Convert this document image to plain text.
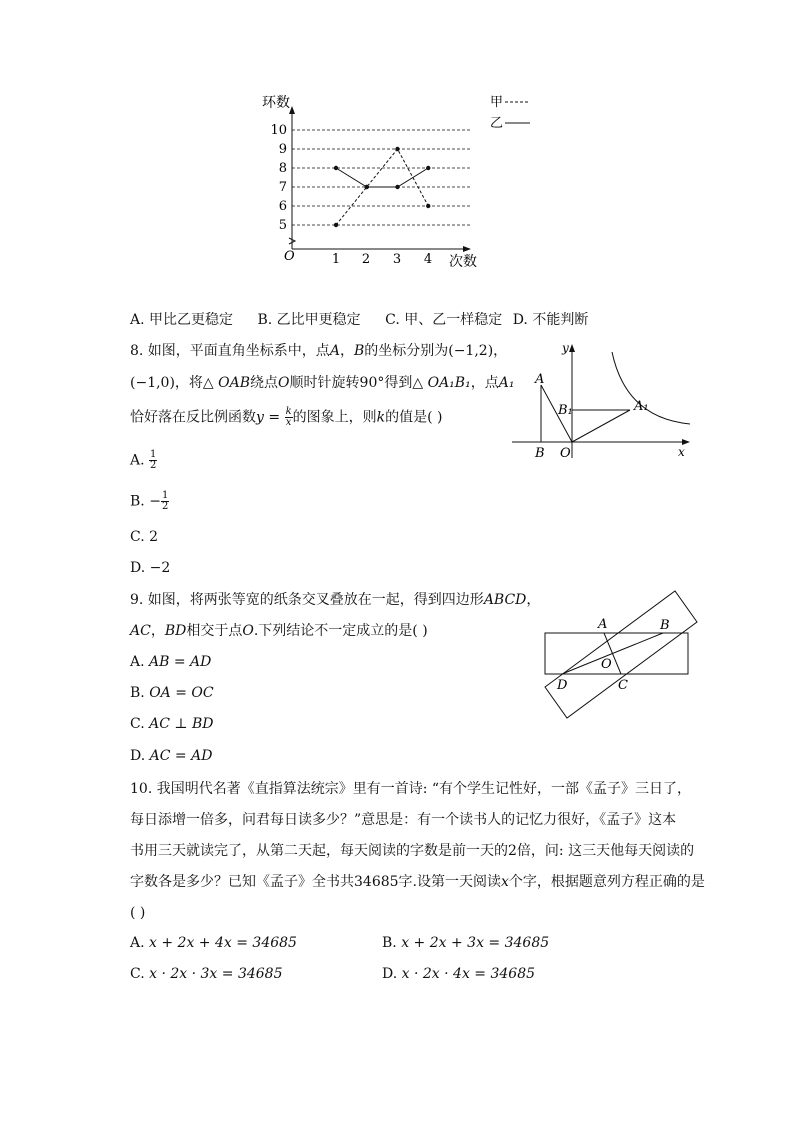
10
9
8
7
6
5
1 2 3 4
环数
次数
O
甲
乙
A. 甲比乙更稳定 B. 乙比甲更稳定 C. 甲、乙一样稳定 D. 不能判断
8. 如图，平面直角坐标系中，点A，B的坐标分别为(−1,2)，
(−1,0)，将△ OAB绕点O顺时针旋转90°得到△ OA₁B₁，点A₁
恰好落在反比例函数$y = \frac{k}{x}$ 的图象上，则k的值是( )
A. $\frac{1}{2}$
B. − $\frac{1}{2}$
C. 2
D. −2
y
x
A
B
B₁	A₁
O
9. 如图，将两张等宽的纸条交叉叠放在一起，得到四边形ABCD，
AC，BD相交于点O.下列结论不一定成立的是( )
A. AB = AD
B. OA = OC
C. AC ⊥ BD
D. AC = AD
A	B
C
D
O
10. 我国明代名著《直指算法统宗》里有一首诗: “有个学生记性好，一部《孟子》三日了，
每日添增一倍多，问君每日读多少？”意思是：有一个读书人的记忆力很好，《孟子》这本
书用三天就读完了，从第二天起，每天阅读的字数是前一天的2倍，问: 这三天他每天阅读的
字数各是多少？已知《孟子》全书共34685字.设第一天阅读x个字，根据题意列方程正确的是
( )
A. x + 2x + 4x = 34685	B. x + 2x + 3x = 34685
C. x · 2x · 3x = 34685	D. x · 2x · 4x = 34685
